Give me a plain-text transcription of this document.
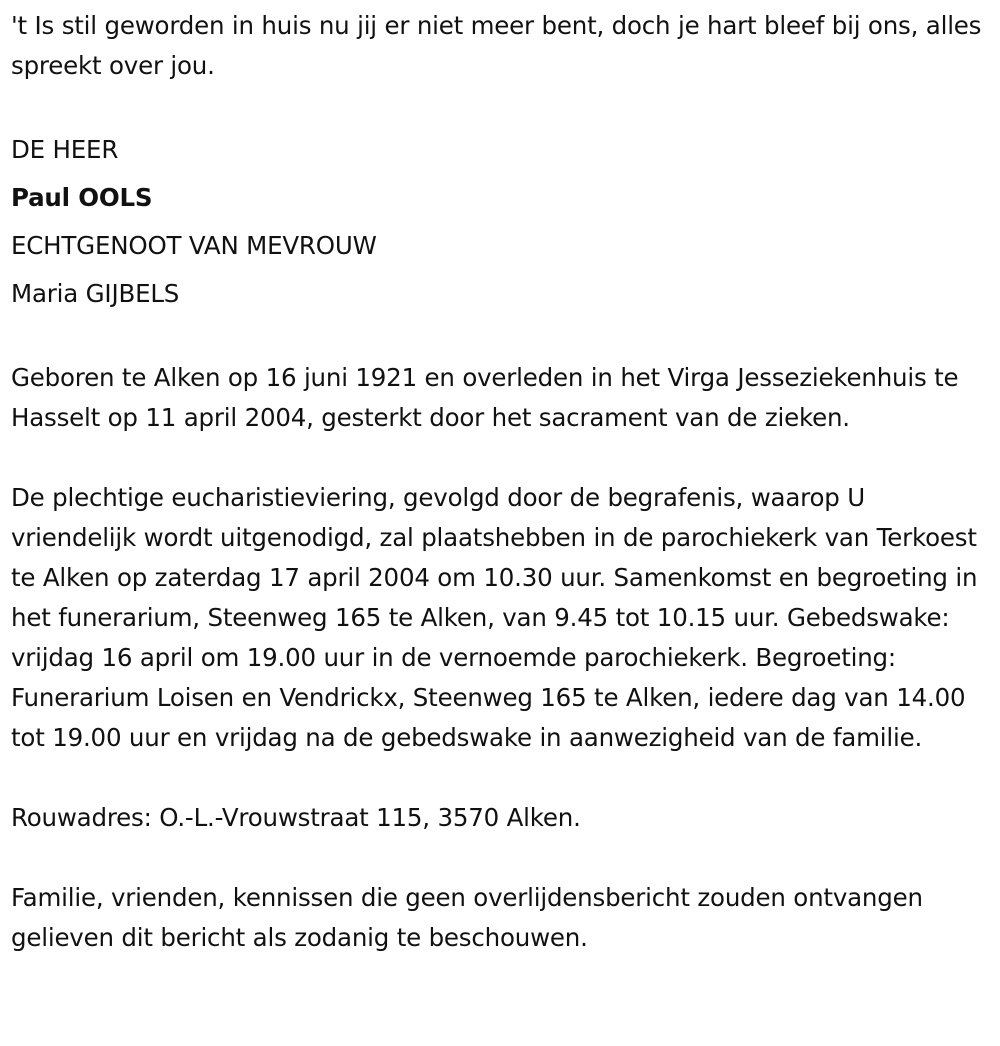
't Is stil geworden in huis nu jij er niet meer bent, doch je hart bleef bij ons, alles spreekt over jou.

DE HEER
Paul OOLS
ECHTGENOOT VAN MEVROUW
Maria GIJBELS

Geboren te Alken op 16 juni 1921 en overleden in het Virga Jesseziekenhuis te Hasselt op 11 april 2004, gesterkt door het sacrament van de zieken.

De plechtige eucharistieviering, gevolgd door de begrafenis, waarop U vriendelijk wordt uitgenodigd, zal plaatshebben in de parochiekerk van Terkoest te Alken op zaterdag 17 april 2004 om 10.30 uur. Samenkomst en begroeting in het funerarium, Steenweg 165 te Alken, van 9.45 tot 10.15 uur. Gebedswake: vrijdag 16 april om 19.00 uur in de vernoemde parochiekerk. Begroeting: Funerarium Loisen en Vendrickx, Steenweg 165 te Alken, iedere dag van 14.00 tot 19.00 uur en vrijdag na de gebedswake in aanwezigheid van de familie.

Rouwadres: O.-L.-Vrouwstraat 115, 3570 Alken.

Familie, vrienden, kennissen die geen overlijdensbericht zouden ontvangen gelieven dit bericht als zodanig te beschouwen.
